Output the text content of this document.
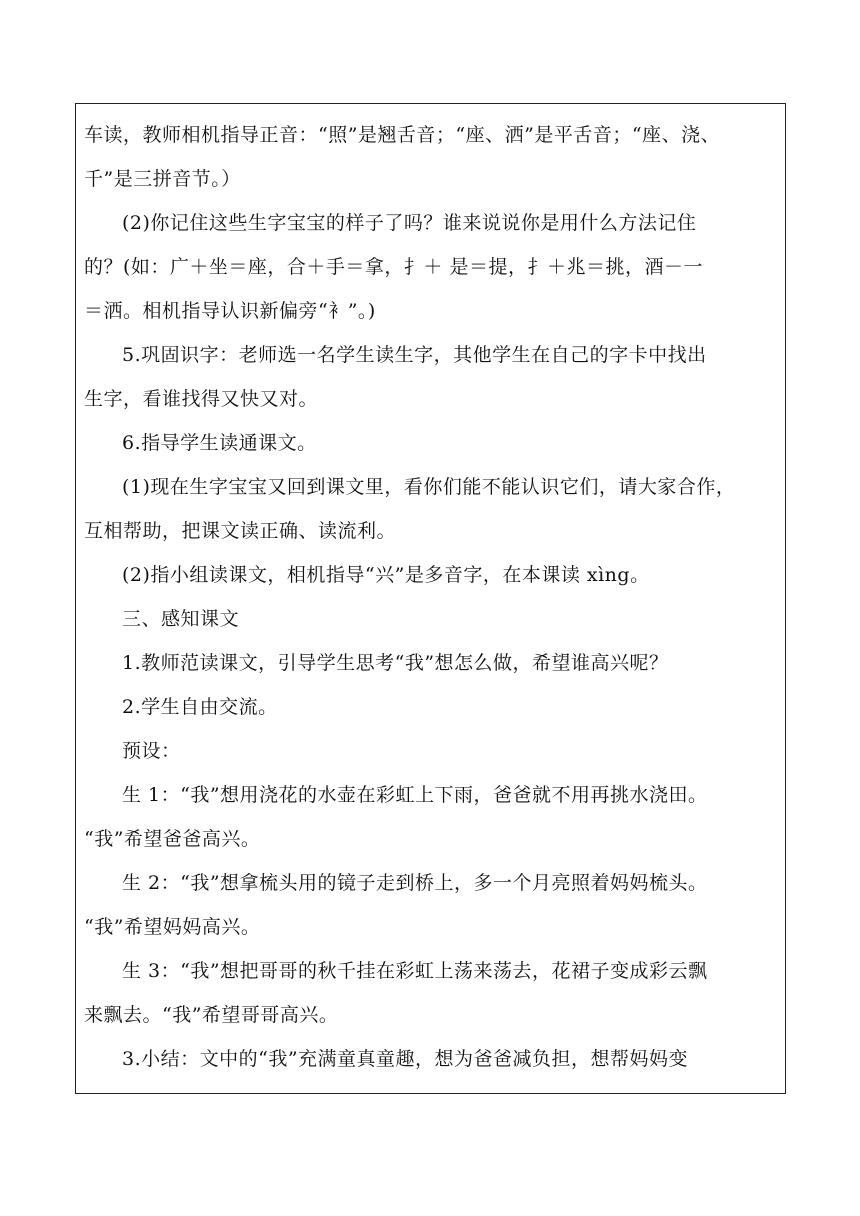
车读，教师相机指导正音：“照”是翘舌音；“座、洒”是平舌音；“座、浇、
千”是三拼音节。）
(2)你记住这些生字宝宝的样子了吗？谁来说说你是用什么方法记住
的？(如：广＋坐＝座，合＋手＝拿，扌＋ 是＝提，扌＋兆＝挑，酒－一
＝洒。相机指导认识新偏旁“衤”。)
5.巩固识字：老师选一名学生读生字，其他学生在自己的字卡中找出
生字，看谁找得又快又对。
6.指导学生读通课文。
(1)现在生字宝宝又回到课文里，看你们能不能认识它们，请大家合作，
互相帮助，把课文读正确、读流利。
(2)指小组读课文，相机指导“兴”是多音字，在本课读 xìng。
三、感知课文
1.教师范读课文，引导学生思考“我”想怎么做，希望谁高兴呢？
2.学生自由交流。
预设：
生 1：“我”想用浇花的水壶在彩虹上下雨，爸爸就不用再挑水浇田。
“我”希望爸爸高兴。
生 2：“我”想拿梳头用的镜子走到桥上，多一个月亮照着妈妈梳头。
“我”希望妈妈高兴。
生 3：“我”想把哥哥的秋千挂在彩虹上荡来荡去，花裙子变成彩云飘
来飘去。“我”希望哥哥高兴。
3.小结：文中的“我”充满童真童趣，想为爸爸减负担，想帮妈妈变
